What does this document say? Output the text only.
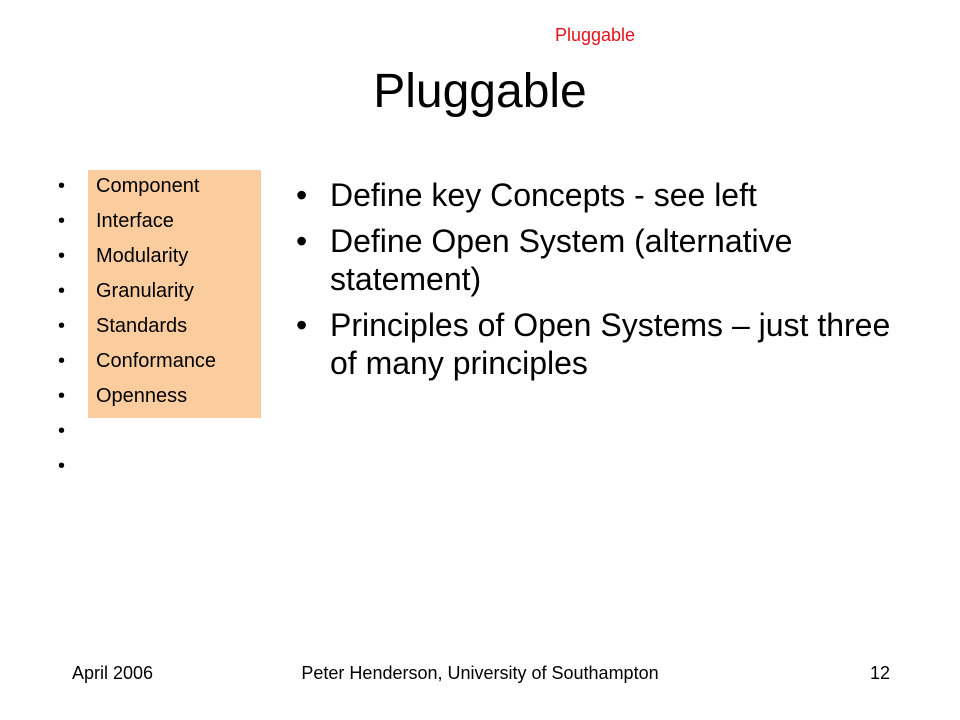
Pluggable
Pluggable
•	Component
•	Interface
•	Modularity
•	Granularity
•	Standards
•	Conformance
•	Openness
•
•
• Define key Concepts - see left
• Define Open System (alternative statement)
• Principles of Open Systems – just three of many principles
April 2006	Peter Henderson, University of Southampton	12
